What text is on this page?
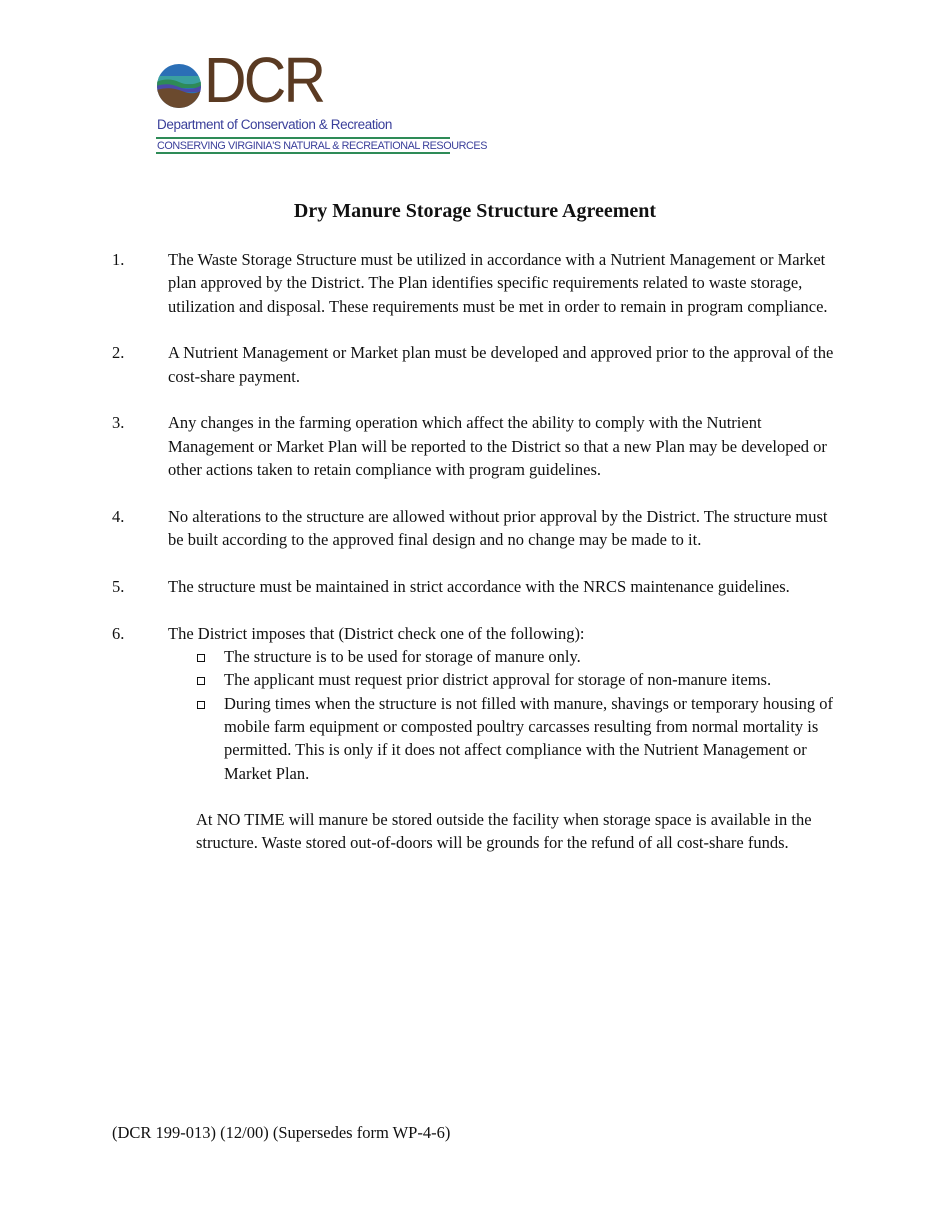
DCR
Department of Conservation & Recreation
CONSERVING VIRGINIA'S NATURAL & RECREATIONAL RESOURCES
Dry Manure Storage Structure Agreement
1.	The Waste Storage Structure must be utilized in accordance with a Nutrient Management or Market plan approved by the District. The Plan identifies specific requirements related to waste storage, utilization and disposal. These requirements must be met in order to remain in program compliance.
2.	A Nutrient Management or Market plan must be developed and approved prior to the approval of the cost-share payment.
3.	Any changes in the farming operation which affect the ability to comply with the Nutrient Management or Market Plan will be reported to the District so that a new Plan may be developed or other actions taken to retain compliance with program guidelines.
4.	No alterations to the structure are allowed without prior approval by the District. The structure must be built according to the approved final design and no change may be made to it.
5.	The structure must be maintained in strict accordance with the NRCS maintenance guidelines.
6.	The District imposes that (District check one of the following):
The structure is to be used for storage of manure only.
The applicant must request prior district approval for storage of non-manure items.
During times when the structure is not filled with manure, shavings or temporary housing of mobile farm equipment or composted poultry carcasses resulting from normal mortality is permitted. This is only if it does not affect compliance with the Nutrient Management or Market Plan.

At NO TIME will manure be stored outside the facility when storage space is available in the structure. Waste stored out-of-doors will be grounds for the refund of all cost-share funds.

(DCR 199-013) (12/00) (Supersedes form WP-4-6)
